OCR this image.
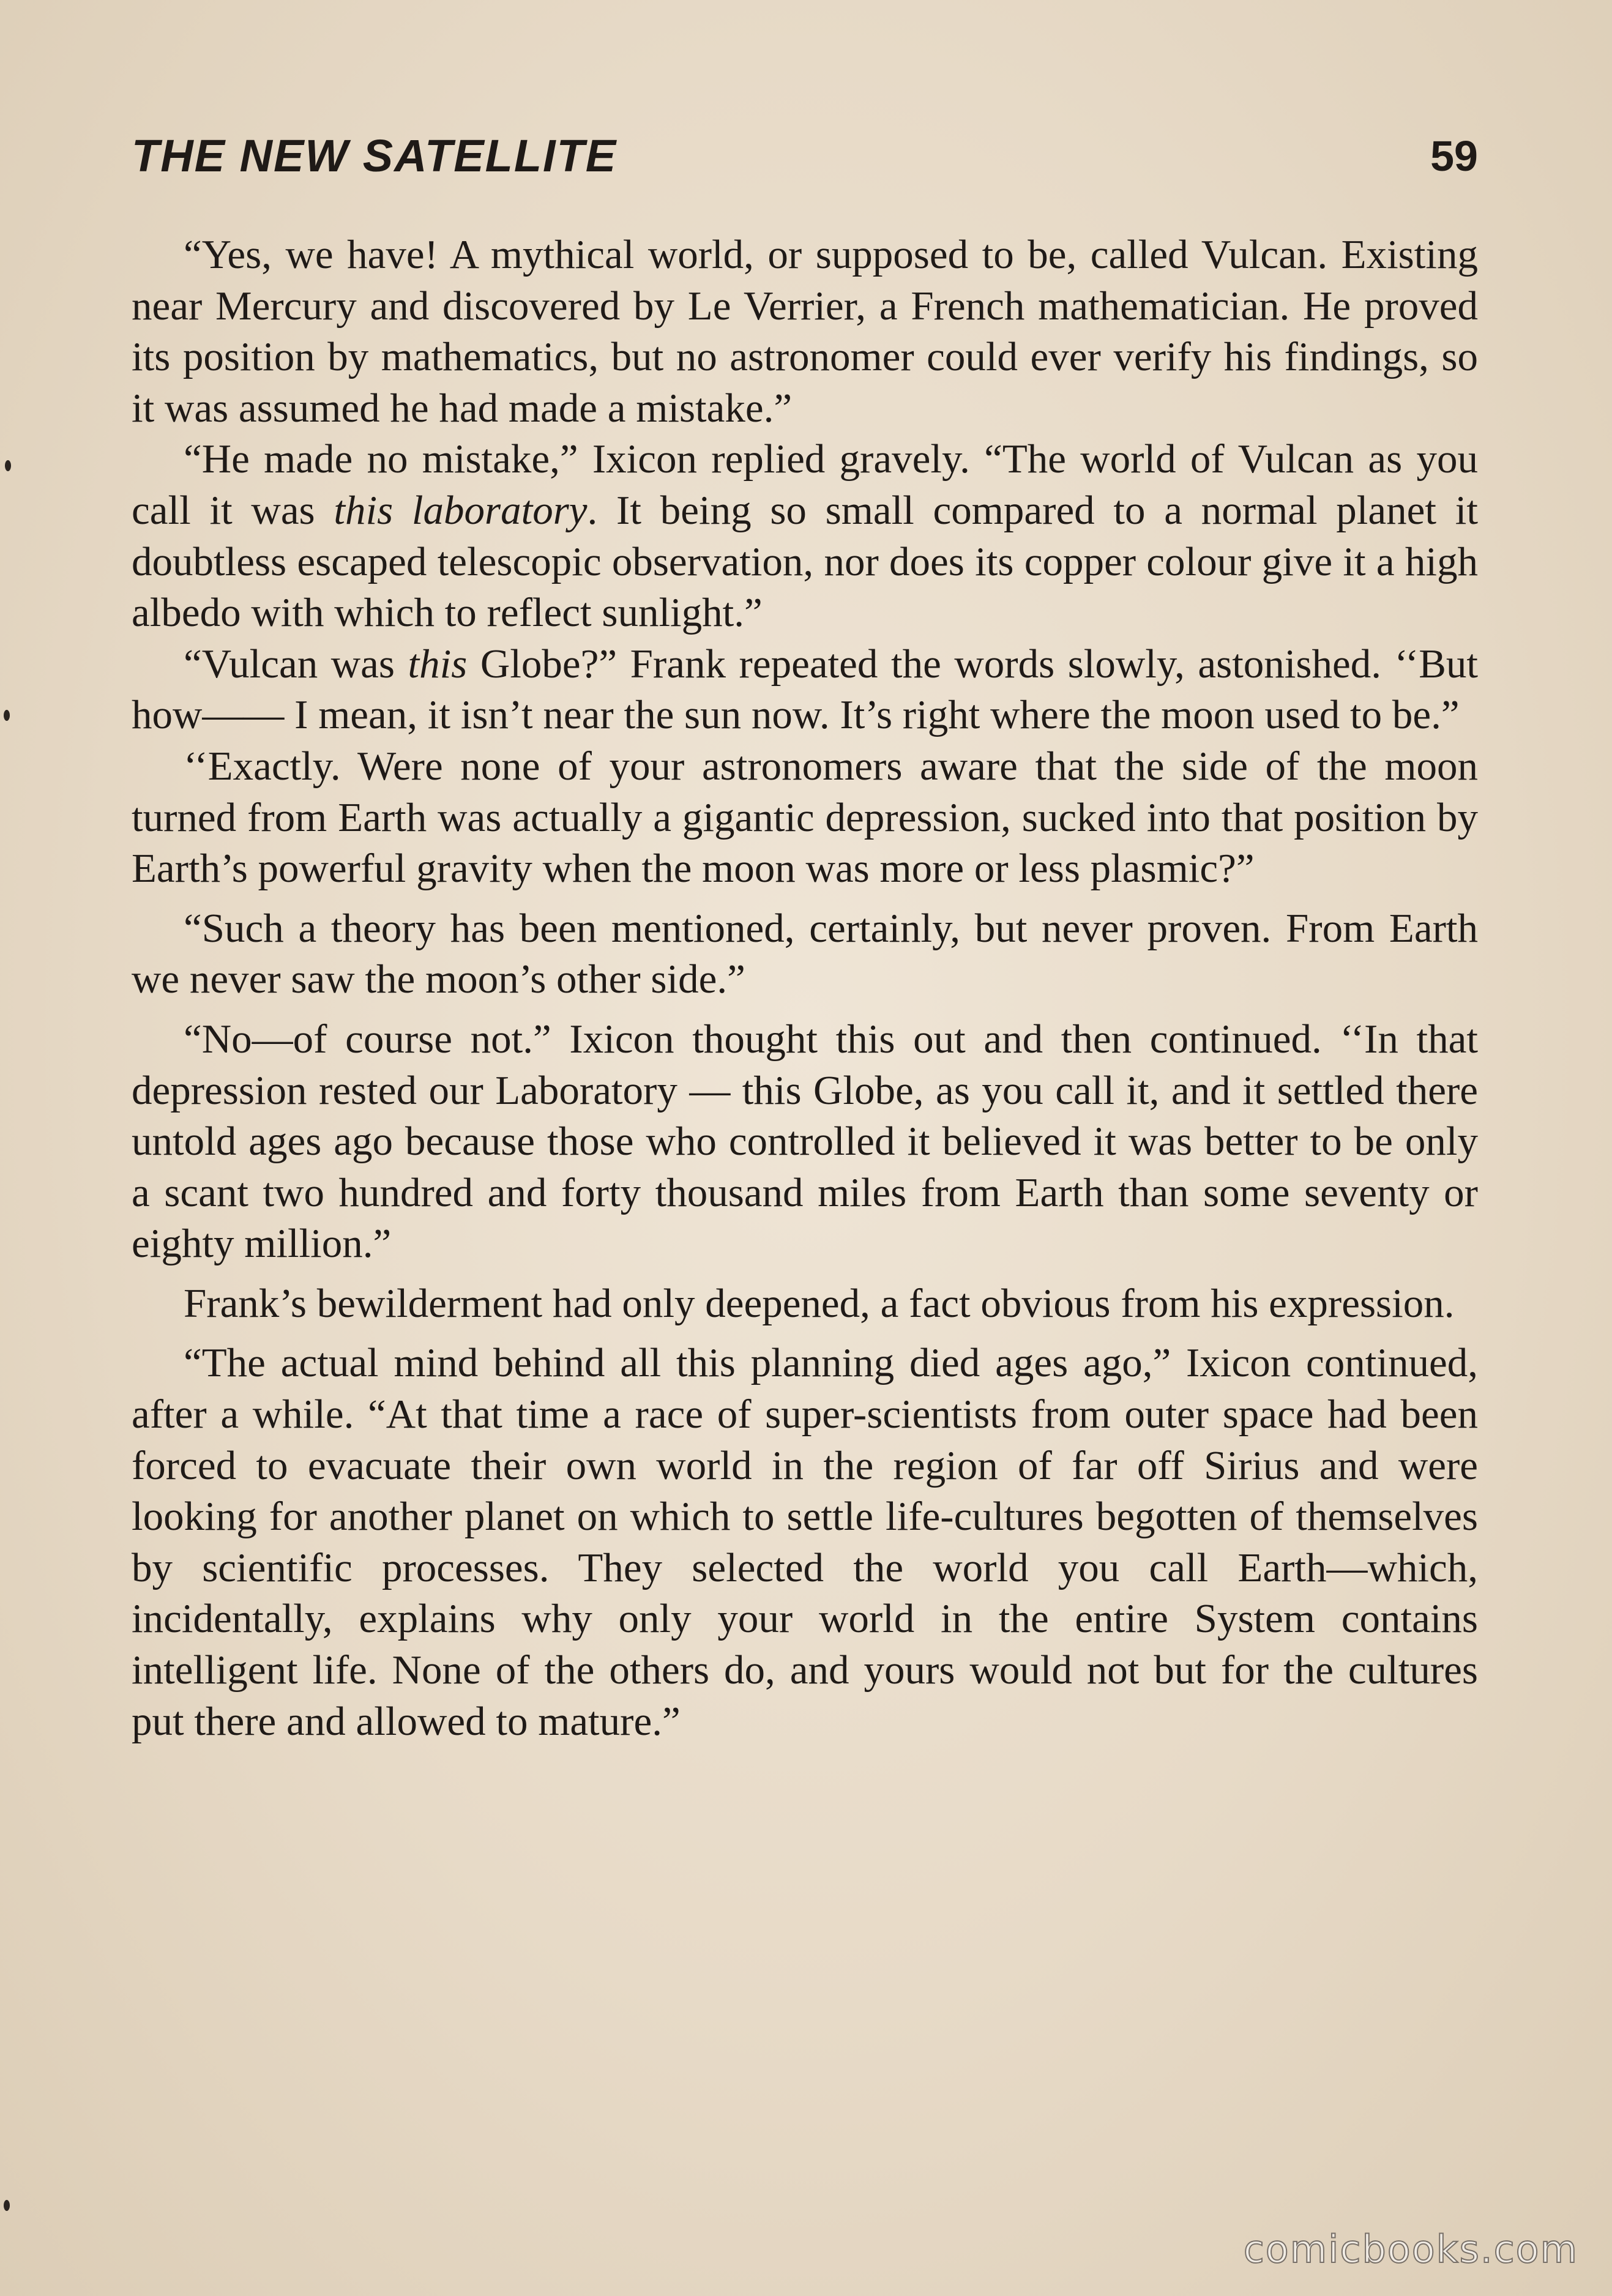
THE NEW SATELLITE	59

“Yes, we have! A mythical world, or supposed to be, called Vulcan. Existing near Mercury and discovered by Le Verrier, a French mathematician. He proved its position by mathematics, but no astronomer could ever verify his findings, so it was assumed he had made a mistake.”

“He made no mistake,” Ixicon replied gravely. “The world of Vulcan as you call it was this laboratory. It being so small compared to a normal planet it doubtless escaped telescopic observation, nor does its copper colour give it a high albedo with which to reflect sunlight.”

“Vulcan was this Globe?” Frank repeated the words slowly, astonished. ‘‘But how—— I mean, it isn’t near the sun now. It’s right where the moon used to be.”

‘‘Exactly. Were none of your astronomers aware that the side of the moon turned from Earth was actually a gigantic depression, sucked into that position by Earth’s powerful gravity when the moon was more or less plasmic?”

“Such a theory has been mentioned, certainly, but never proven. From Earth we never saw the moon’s other side.”

“No—of course not.” Ixicon thought this out and then continued. ‘‘In that depression rested our Laboratory — this Globe, as you call it, and it settled there untold ages ago because those who controlled it believed it was better to be only a scant two hundred and forty thousand miles from Earth than some seventy or eighty million.”

Frank’s bewilderment had only deepened, a fact obvious from his expression.

“The actual mind behind all this planning died ages ago,” Ixicon continued, after a while. “At that time a race of super-scientists from outer space had been forced to evacuate their own world in the region of far off Sirius and were looking for another planet on which to settle life-cultures begotten of themselves by scientific processes. They selected the world you call Earth—which, incidentally, explains why only your world in the entire System contains intelligent life. None of the others do, and yours would not but for the cultures put there and allowed to mature.”

comicbooks.com
